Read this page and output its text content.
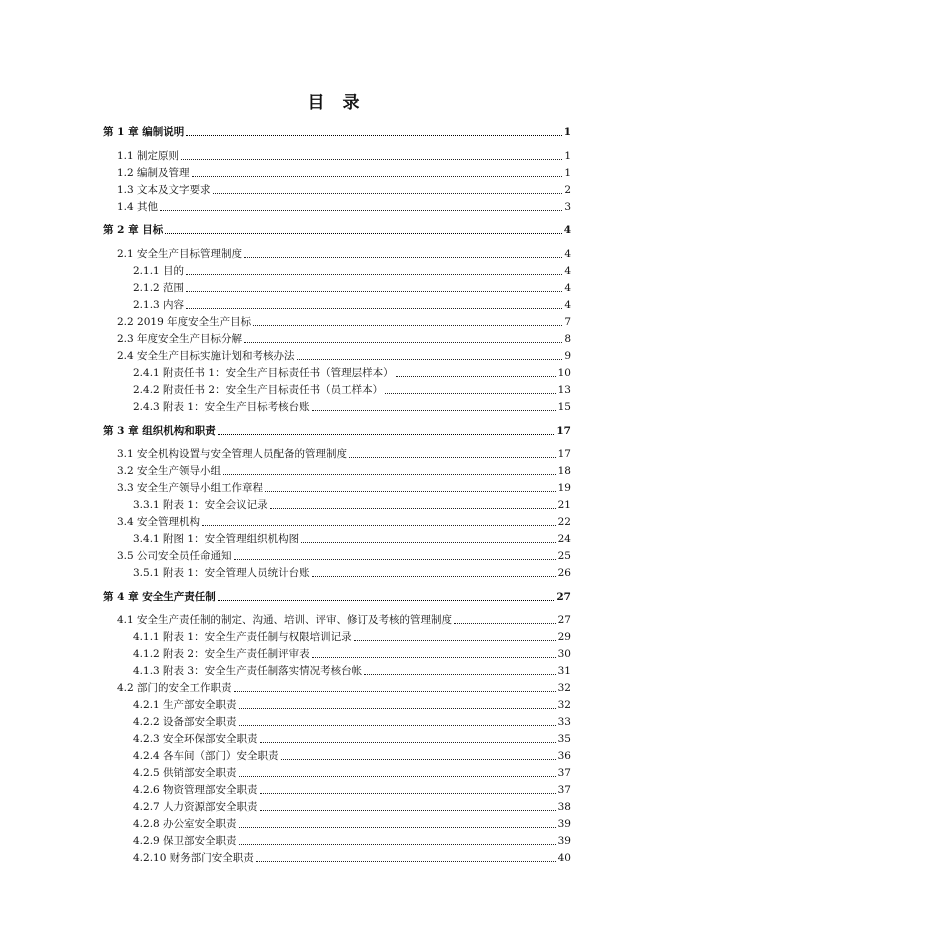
目 录
第 1 章 编制说明	1
1.1 制定原则	1
1.2 编制及管理	1
1.3 文本及文字要求	2
1.4 其他	3
第 2 章 目标	4
2.1 安全生产目标管理制度	4
2.1.1 目的	4
2.1.2 范围	4
2.1.3 内容	4
2.2 2019 年度安全生产目标	7
2.3 年度安全生产目标分解	8
2.4 安全生产目标实施计划和考核办法	9
2.4.1 附责任书 1：安全生产目标责任书（管理层样本）	10
2.4.2 附责任书 2：安全生产目标责任书（员工样本）	13
2.4.3 附表 1：安全生产目标考核台账	15
第 3 章 组织机构和职责	17
3.1 安全机构设置与安全管理人员配备的管理制度	17
3.2 安全生产领导小组	18
3.3 安全生产领导小组工作章程	19
3.3.1 附表 1：安全会议记录	21
3.4 安全管理机构	22
3.4.1 附图 1：安全管理组织机构图	24
3.5 公司安全员任命通知	25
3.5.1 附表 1：安全管理人员统计台账	26
第 4 章 安全生产责任制	27
4.1 安全生产责任制的制定、沟通、培训、评审、修订及考核的管理制度	27
4.1.1 附表 1：安全生产责任制与权限培训记录	29
4.1.2 附表 2：安全生产责任制评审表	30
4.1.3 附表 3：安全生产责任制落实情况考核台帐	31
4.2 部门的安全工作职责	32
4.2.1 生产部安全职责	32
4.2.2 设备部安全职责	33
4.2.3 安全环保部安全职责	35
4.2.4 各车间（部门）安全职责	36
4.2.5 供销部安全职责	37
4.2.6 物资管理部安全职责	37
4.2.7 人力资源部安全职责	38
4.2.8 办公室安全职责	39
4.2.9 保卫部安全职责	39
4.2.10 财务部门安全职责	40
